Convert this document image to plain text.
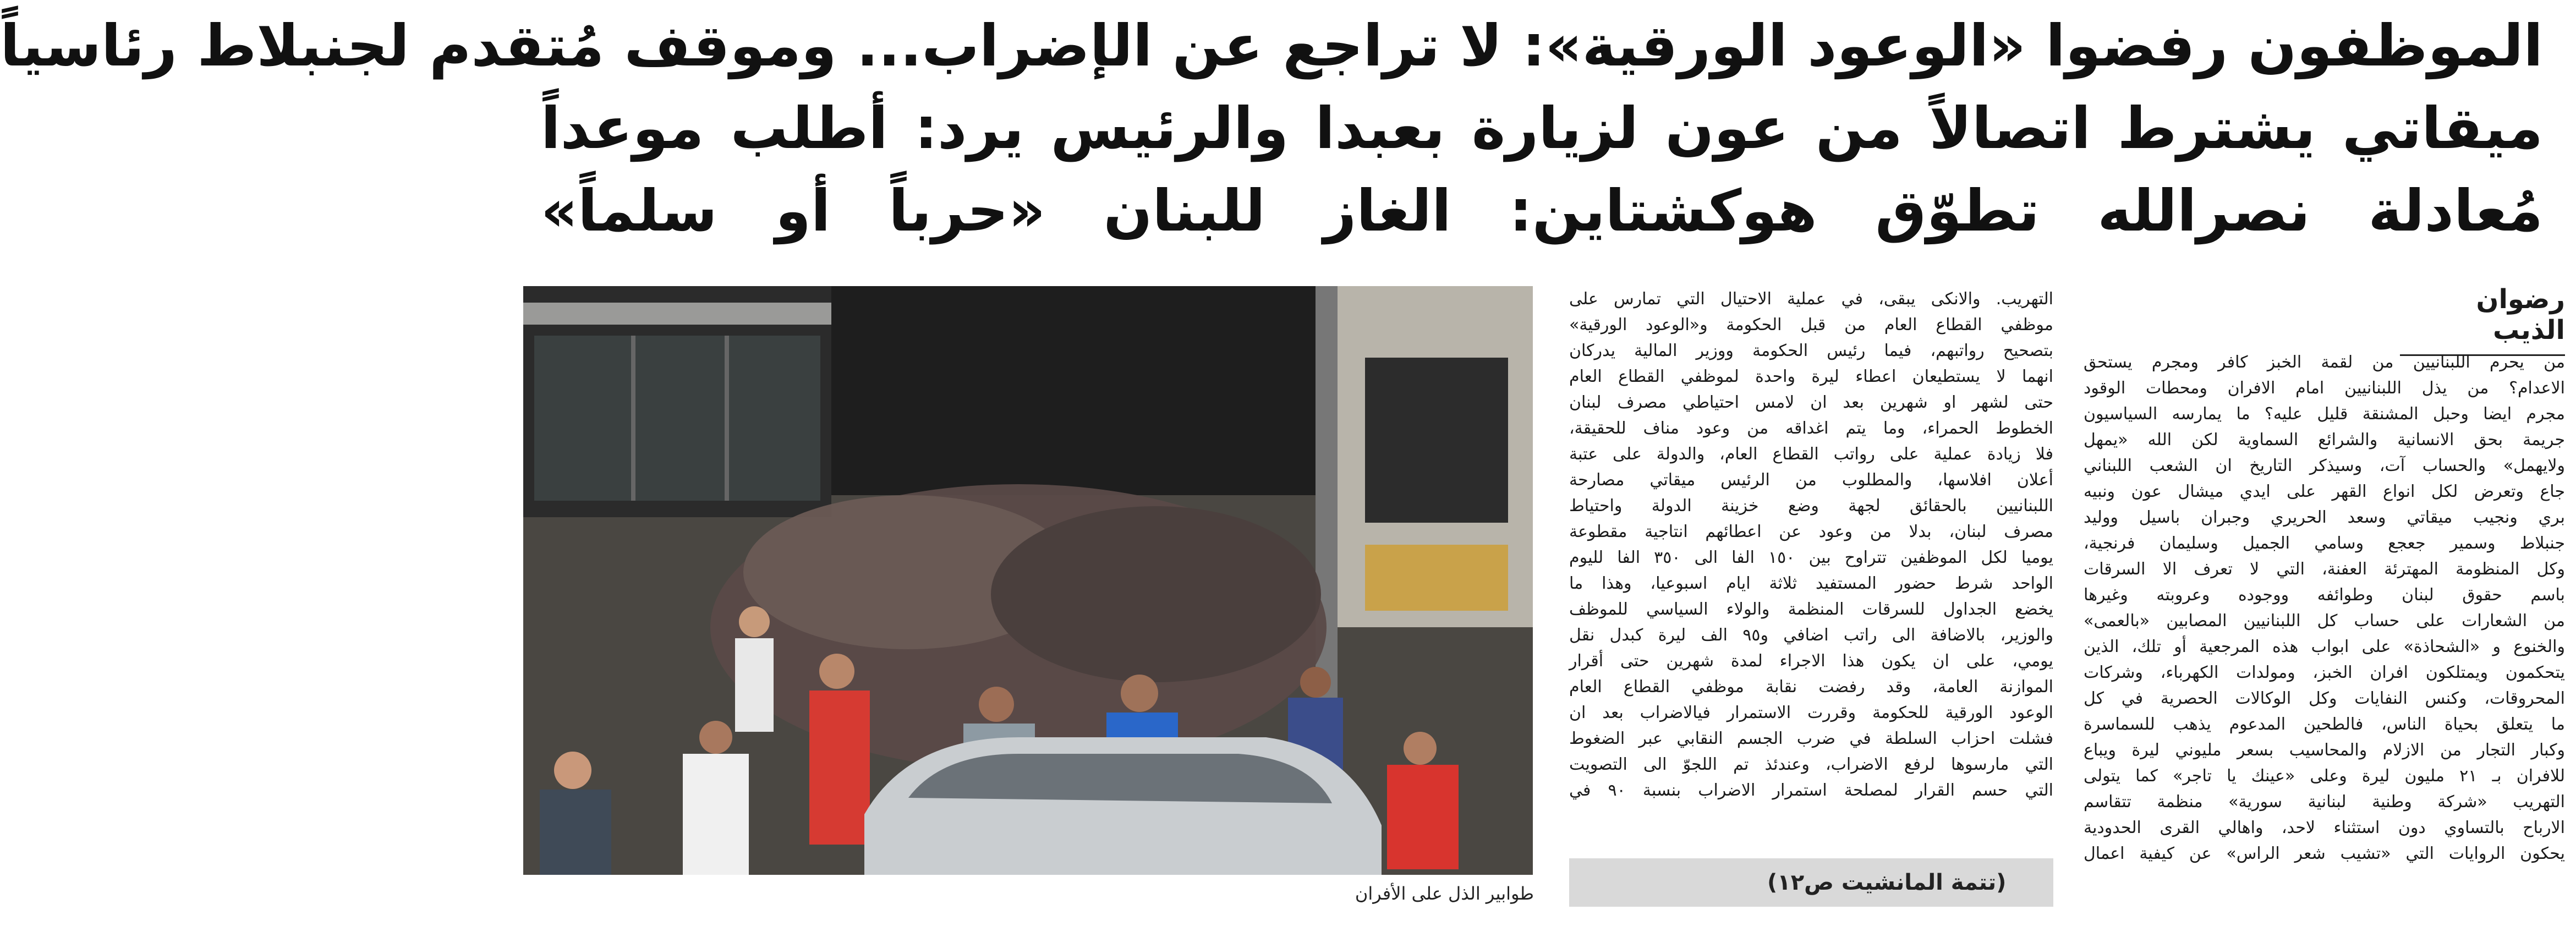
الموظفون رفضوا «الوعود الورقية»: لا تراجع عن الإضراب... وموقف مُتقدم لجنبلاط رئاسياً
ميقاتي يشترط اتصالاً من عون لزيارة بعبدا والرئيس يرد: أطلب موعداً
مُعادلة نصرالله تطوّق هوكشتاين: الغاز للبنان «حرباً أو سلماً»
رضوان الذيب
من يحرم اللبنانيين من لقمة الخبز كافر ومجرم يستحق
الاعدام؟ من يذل اللبنانيين امام الافران ومحطات الوقود
مجرم ايضا وحبل المشنقة قليل عليه؟ ما يمارسه السياسيون
جريمة بحق الانسانية والشرائع السماوية لكن الله «يمهل
ولايهمل» والحساب آت، وسيذكر التاريخ ان الشعب اللبناني
جاع وتعرض لكل انواع القهر على ايدي ميشال عون ونبيه
بري ونجيب ميقاتي وسعد الحريري وجبران باسيل ووليد
جنبلاط وسمير جعجع وسامي الجميل وسليمان فرنجية،
وكل المنظومة المهترئة العفنة، التي لا تعرف الا السرقات
باسم حقوق لبنان وطوائفه ووجوده وعروبته وغيرها
من الشعارات على حساب كل اللبنانيين المصابين «بالعمى»
والخنوع و «الشحاذة» على ابواب هذه المرجعية أو تلك، الذين
يتحكمون ويمتلكون افران الخبز، ومولدات الكهرباء، وشركات
المحروقات، وكنس النفايات وكل الوكالات الحصرية في كل
ما يتعلق بحياة الناس، فالطحين المدعوم يذهب للسماسرة
وكبار التجار من الازلام والمحاسيب بسعر مليوني ليرة ويباع
للافران بـ ٢١ مليون ليرة وعلى «عينك يا تاجر» كما يتولى
التهريب «شركة وطنية لبنانية سورية» منظمة تتقاسم
الارباح بالتساوي دون استثناء لاحد، واهالي القرى الحدودية
يحكون الروايات التي «تشيب شعر الراس» عن كيفية اعمال
التهريب. والانكى يبقى، في عملية الاحتيال التي تمارس على
موظفي القطاع العام من قبل الحكومة و«الوعود الورقية»
بتصحيح رواتبهم، فيما رئيس الحكومة ووزير المالية يدركان
انهما لا يستطيعان اعطاء ليرة واحدة لموظفي القطاع العام
حتى لشهر او شهرين بعد ان لامس احتياطي مصرف لبنان
الخطوط الحمراء، وما يتم اغداقه من وعود مناف للحقيقة،
فلا زيادة عملية على رواتب القطاع العام، والدولة على عتبة
أعلان افلاسها، والمطلوب من الرئيس ميقاتي مصارحة
اللبنانيين بالحقائق لجهة وضع خزينة الدولة واحتياط
مصرف لبنان، بدلا من وعود عن اعطائهم انتاجية مقطوعة
يوميا لكل الموظفين تتراوح بين ١٥٠ الفا الى ٣٥٠ الفا لليوم
الواحد شرط حضور المستفيد ثلاثة ايام اسبوعيا، وهذا ما
يخضع الجداول للسرقات المنظمة والولاء السياسي للموظف
والوزير، بالاضافة الى راتب اضافي و٩٥ الف ليرة كبدل نقل
يومي، على ان يكون هذا الاجراء لمدة شهرين حتى أقرار
الموازنة العامة، وقد رفضت نقابة موظفي القطاع العام
الوعود الورقية للحكومة وقررت الاستمرار فيالاضراب بعد ان
فشلت احزاب السلطة في ضرب الجسم النقابي عبر الضغوط
التي مارسوها لرفع الاضراب، وعندئذ تم اللجوّ الى التصويت
التي حسم القرار لمصلحة استمرار الاضراب بنسبة ٩٠ في
(تتمة المانشيت ص١٢)
طوابير الذل على الأفران
